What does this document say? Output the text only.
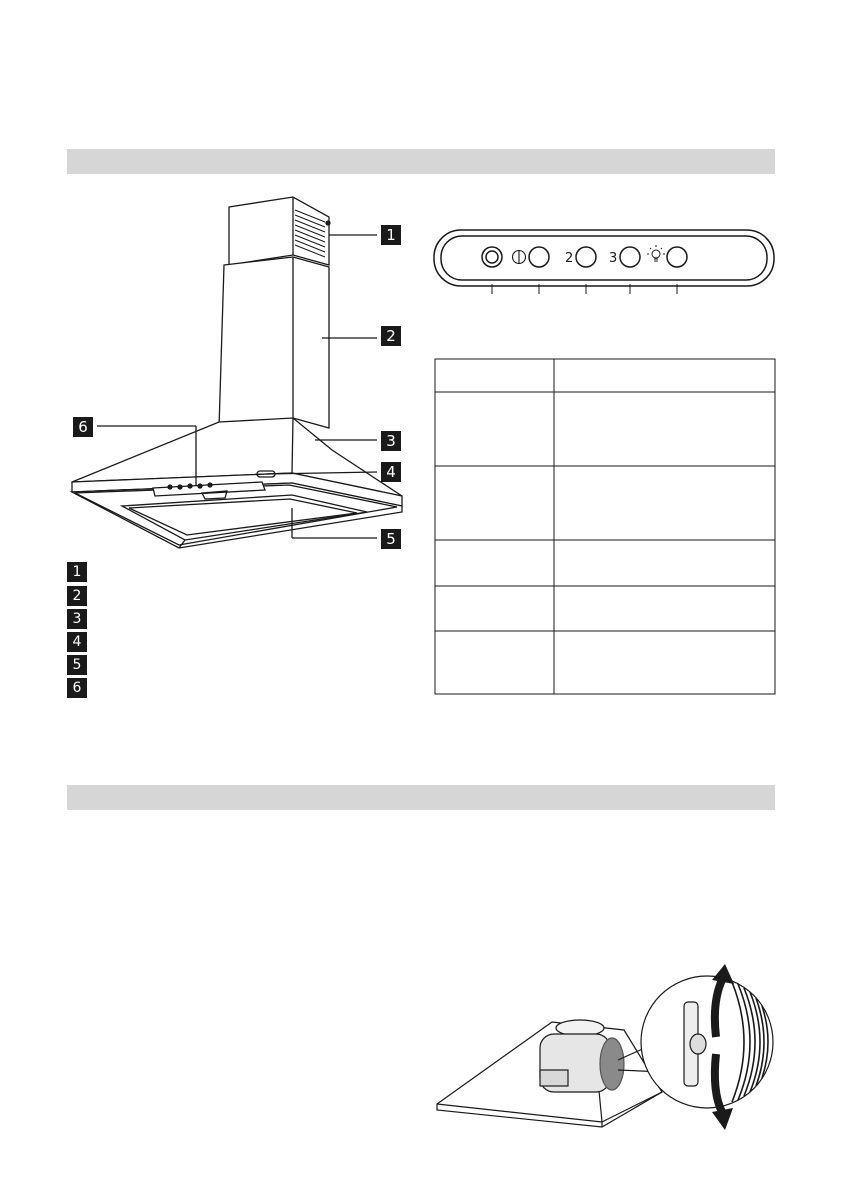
1
2
3
4
5
6
1
2
3
4
5
6
2	3
